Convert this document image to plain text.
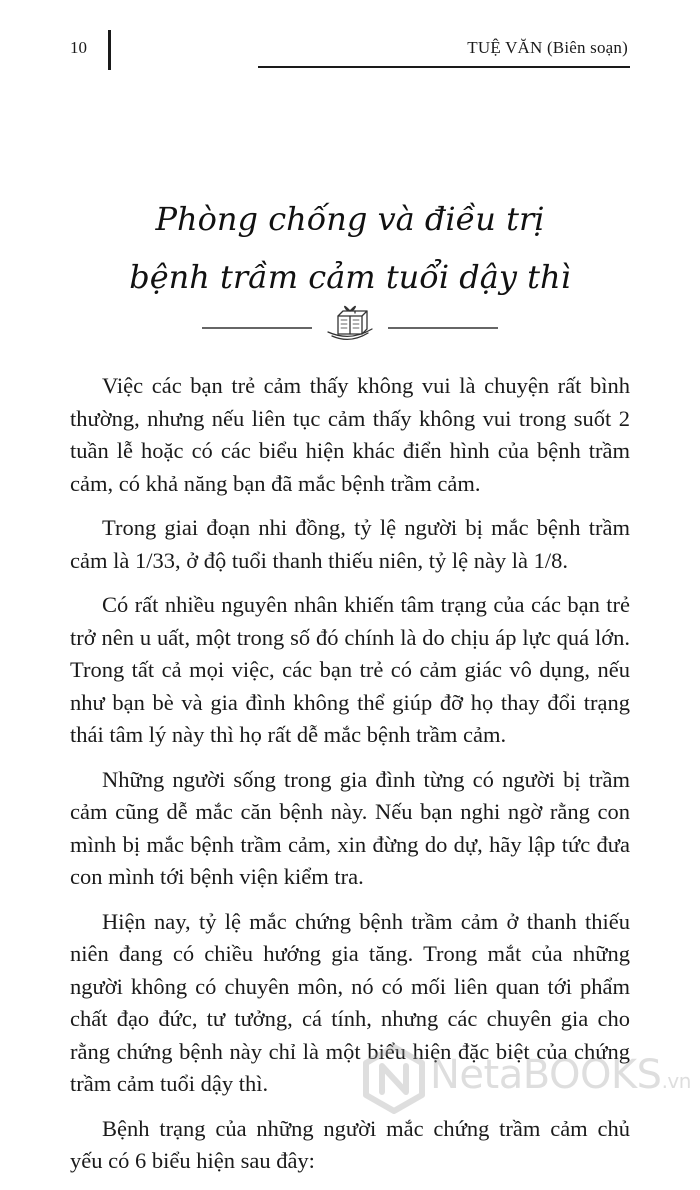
10	TUỆ VĂN (Biên soạn)
Phòng chống và điều trị
bệnh trầm cảm tuổi dậy thì

Việc các bạn trẻ cảm thấy không vui là chuyện rất bình thường, nhưng nếu liên tục cảm thấy không vui trong suốt 2 tuần lễ hoặc có các biểu hiện khác điển hình của bệnh trầm cảm, có khả năng bạn đã mắc bệnh trầm cảm.

Trong giai đoạn nhi đồng, tỷ lệ người bị mắc bệnh trầm cảm là 1/33, ở độ tuổi thanh thiếu niên, tỷ lệ này là 1/8.

Có rất nhiều nguyên nhân khiến tâm trạng của các bạn trẻ trở nên u uất, một trong số đó chính là do chịu áp lực quá lớn. Trong tất cả mọi việc, các bạn trẻ có cảm giác vô dụng, nếu như bạn bè và gia đình không thể giúp đỡ họ thay đổi trạng thái tâm lý này thì họ rất dễ mắc bệnh trầm cảm.

Những người sống trong gia đình từng có người bị trầm cảm cũng dễ mắc căn bệnh này. Nếu bạn nghi ngờ rằng con mình bị mắc bệnh trầm cảm, xin đừng do dự, hãy lập tức đưa con mình tới bệnh viện kiểm tra.

Hiện nay, tỷ lệ mắc chứng bệnh trầm cảm ở thanh thiếu niên đang có chiều hướng gia tăng. Trong mắt của những người không có chuyên môn, nó có mối liên quan tới phẩm chất đạo đức, tư tưởng, cá tính, nhưng các chuyên gia cho rằng chứng bệnh này chỉ là một biểu hiện đặc biệt của chứng trầm cảm tuổi dậy thì.

Bệnh trạng của những người mắc chứng trầm cảm chủ yếu có 6 biểu hiện sau đây:

NetaBOOKS.vn
